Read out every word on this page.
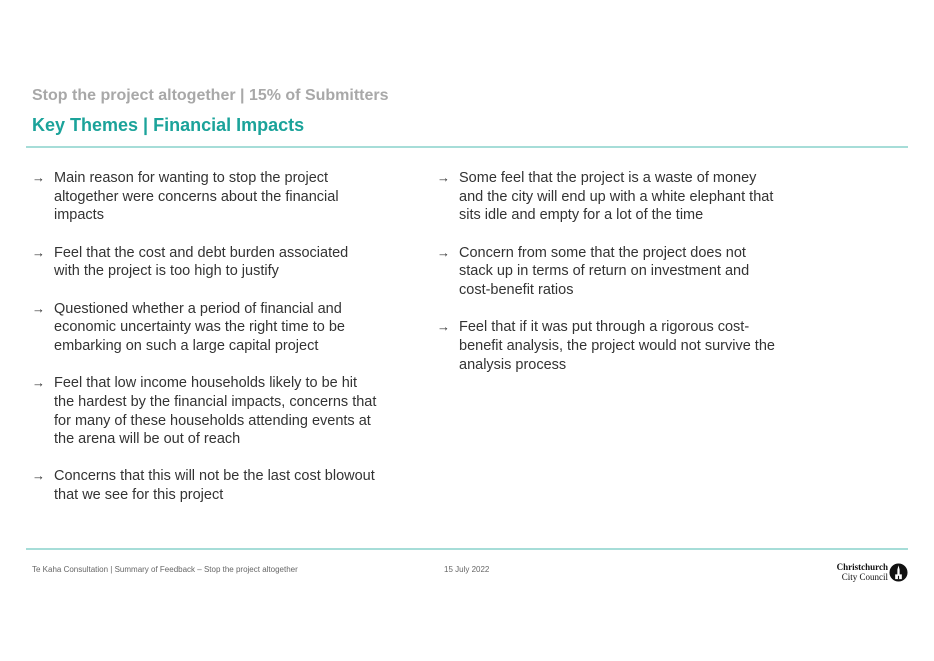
Stop the project altogether | 15% of Submitters
Key Themes | Financial Impacts
→ Main reason for wanting to stop the project altogether were concerns about the financial impacts
→ Feel that the cost and debt burden associated with the project is too high to justify
→ Questioned whether a period of financial and economic uncertainty was the right time to be embarking on such a large capital project
→ Feel that low income households likely to be hit the hardest by the financial impacts, concerns that for many of these households attending events at the arena will be out of reach
→ Concerns that this will not be the last cost blowout that we see for this project
→ Some feel that the project is a waste of money and the city will end up with a white elephant that sits idle and empty for a lot of the time
→ Concern from some that the project does not stack up in terms of return on investment and cost-benefit ratios
→ Feel that if it was put through a rigorous cost-benefit analysis, the project would not survive the analysis process
Te Kaha Consultation | Summary of Feedback – Stop the project altogether	15 July 2022	Christchurch
City Council
